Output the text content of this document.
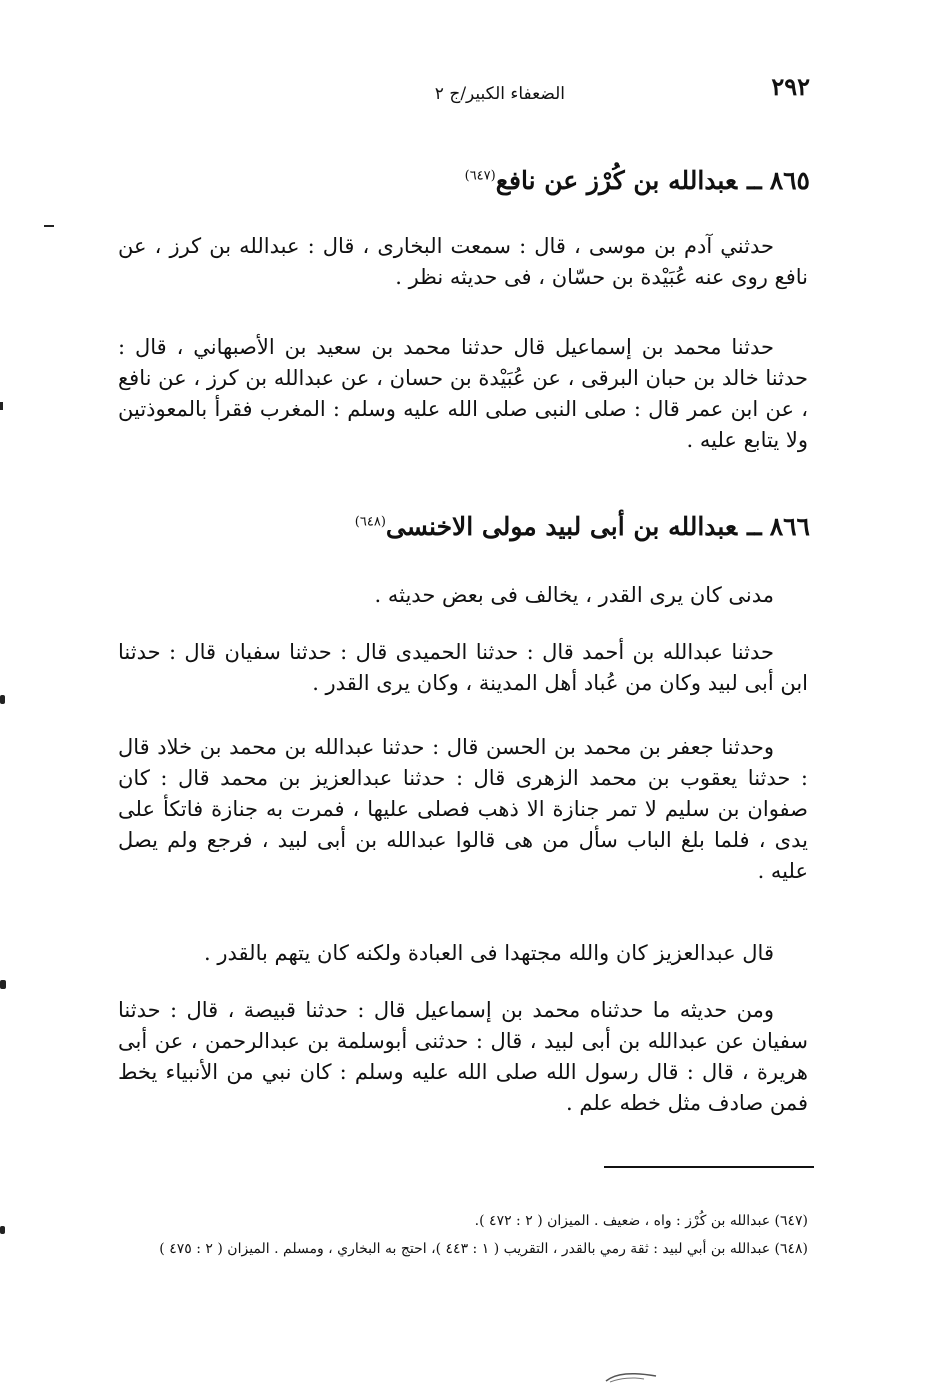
٢٩٢
الضعفاء الكبير/ج ٢
٨٦٥ــعبدالله بن كُرْز عن نافع$^{(٦٤٧)}$

حدثني آدم بن موسى ، قال : سمعت البخارى ، قال : عبدالله بن كرز ، عن نافع روى عنه عُبَيْدة بن حسّان ، فى حديثه نظر .

حدثنا محمد بن إسماعيل قال حدثنا محمد بن سعيد بن الأصبهاني ، قال : حدثنا خالد بن حبان البرقى ، عن عُبَيْدة بن حسان ، عن عبدالله بن كرز ، عن نافع ، عن ابن عمر قال : صلى النبى صلى الله عليه وسلم : المغرب فقرأ بالمعوذتين ولا يتابع عليه .

٨٦٦ــعبدالله بن أبى لبيد مولى الاخنسى$^{(٦٤٨)}$

مدنى كان يرى القدر ، يخالف فى بعض حديثه .

حدثنا عبدالله بن أحمد قال : حدثنا الحميدى قال : حدثنا سفيان قال : حدثنا ابن أبى لبيد وكان من عُباد أهل المدينة ، وكان يرى القدر .

وحدثنا جعفر بن محمد بن الحسن قال : حدثنا عبدالله بن محمد بن خلاد قال : حدثنا يعقوب بن محمد الزهرى قال : حدثنا عبدالعزيز بن محمد قال : كان صفوان بن سليم لا تمر جنازة الا ذهب فصلى عليها ، فمرت به جنازة فاتكأ على يدى ، فلما بلغ الباب سأل من هى قالوا عبدالله بن أبى لبيد ، فرجع ولم يصل عليه .

قال عبدالعزيز كان والله مجتهدا فى العبادة ولكنه كان يتهم بالقدر .

ومن حديثه ما حدثناه محمد بن إسماعيل قال : حدثنا قبيصة ، قال : حدثنا سفيان عن عبدالله بن أبى لبيد ، قال : حدثنى أبوسلمة بن عبدالرحمن ، عن أبى هريرة ، قال : قال رسول الله صلى الله عليه وسلم : كان نبي من الأنبياء يخط فمن صادف مثل خطه علم .

(٦٤٧) عبدالله بن كُرْز : واه ، ضعيف . الميزان ( ٢ : ٤٧٢ ).

(٦٤٨) عبدالله بن أبي لبيد : ثقة رمي بالقدر ، التقريب ( ١ : ٤٤٣ )، احتج به البخاري ، ومسلم . الميزان ( ٢ : ٤٧٥ )
